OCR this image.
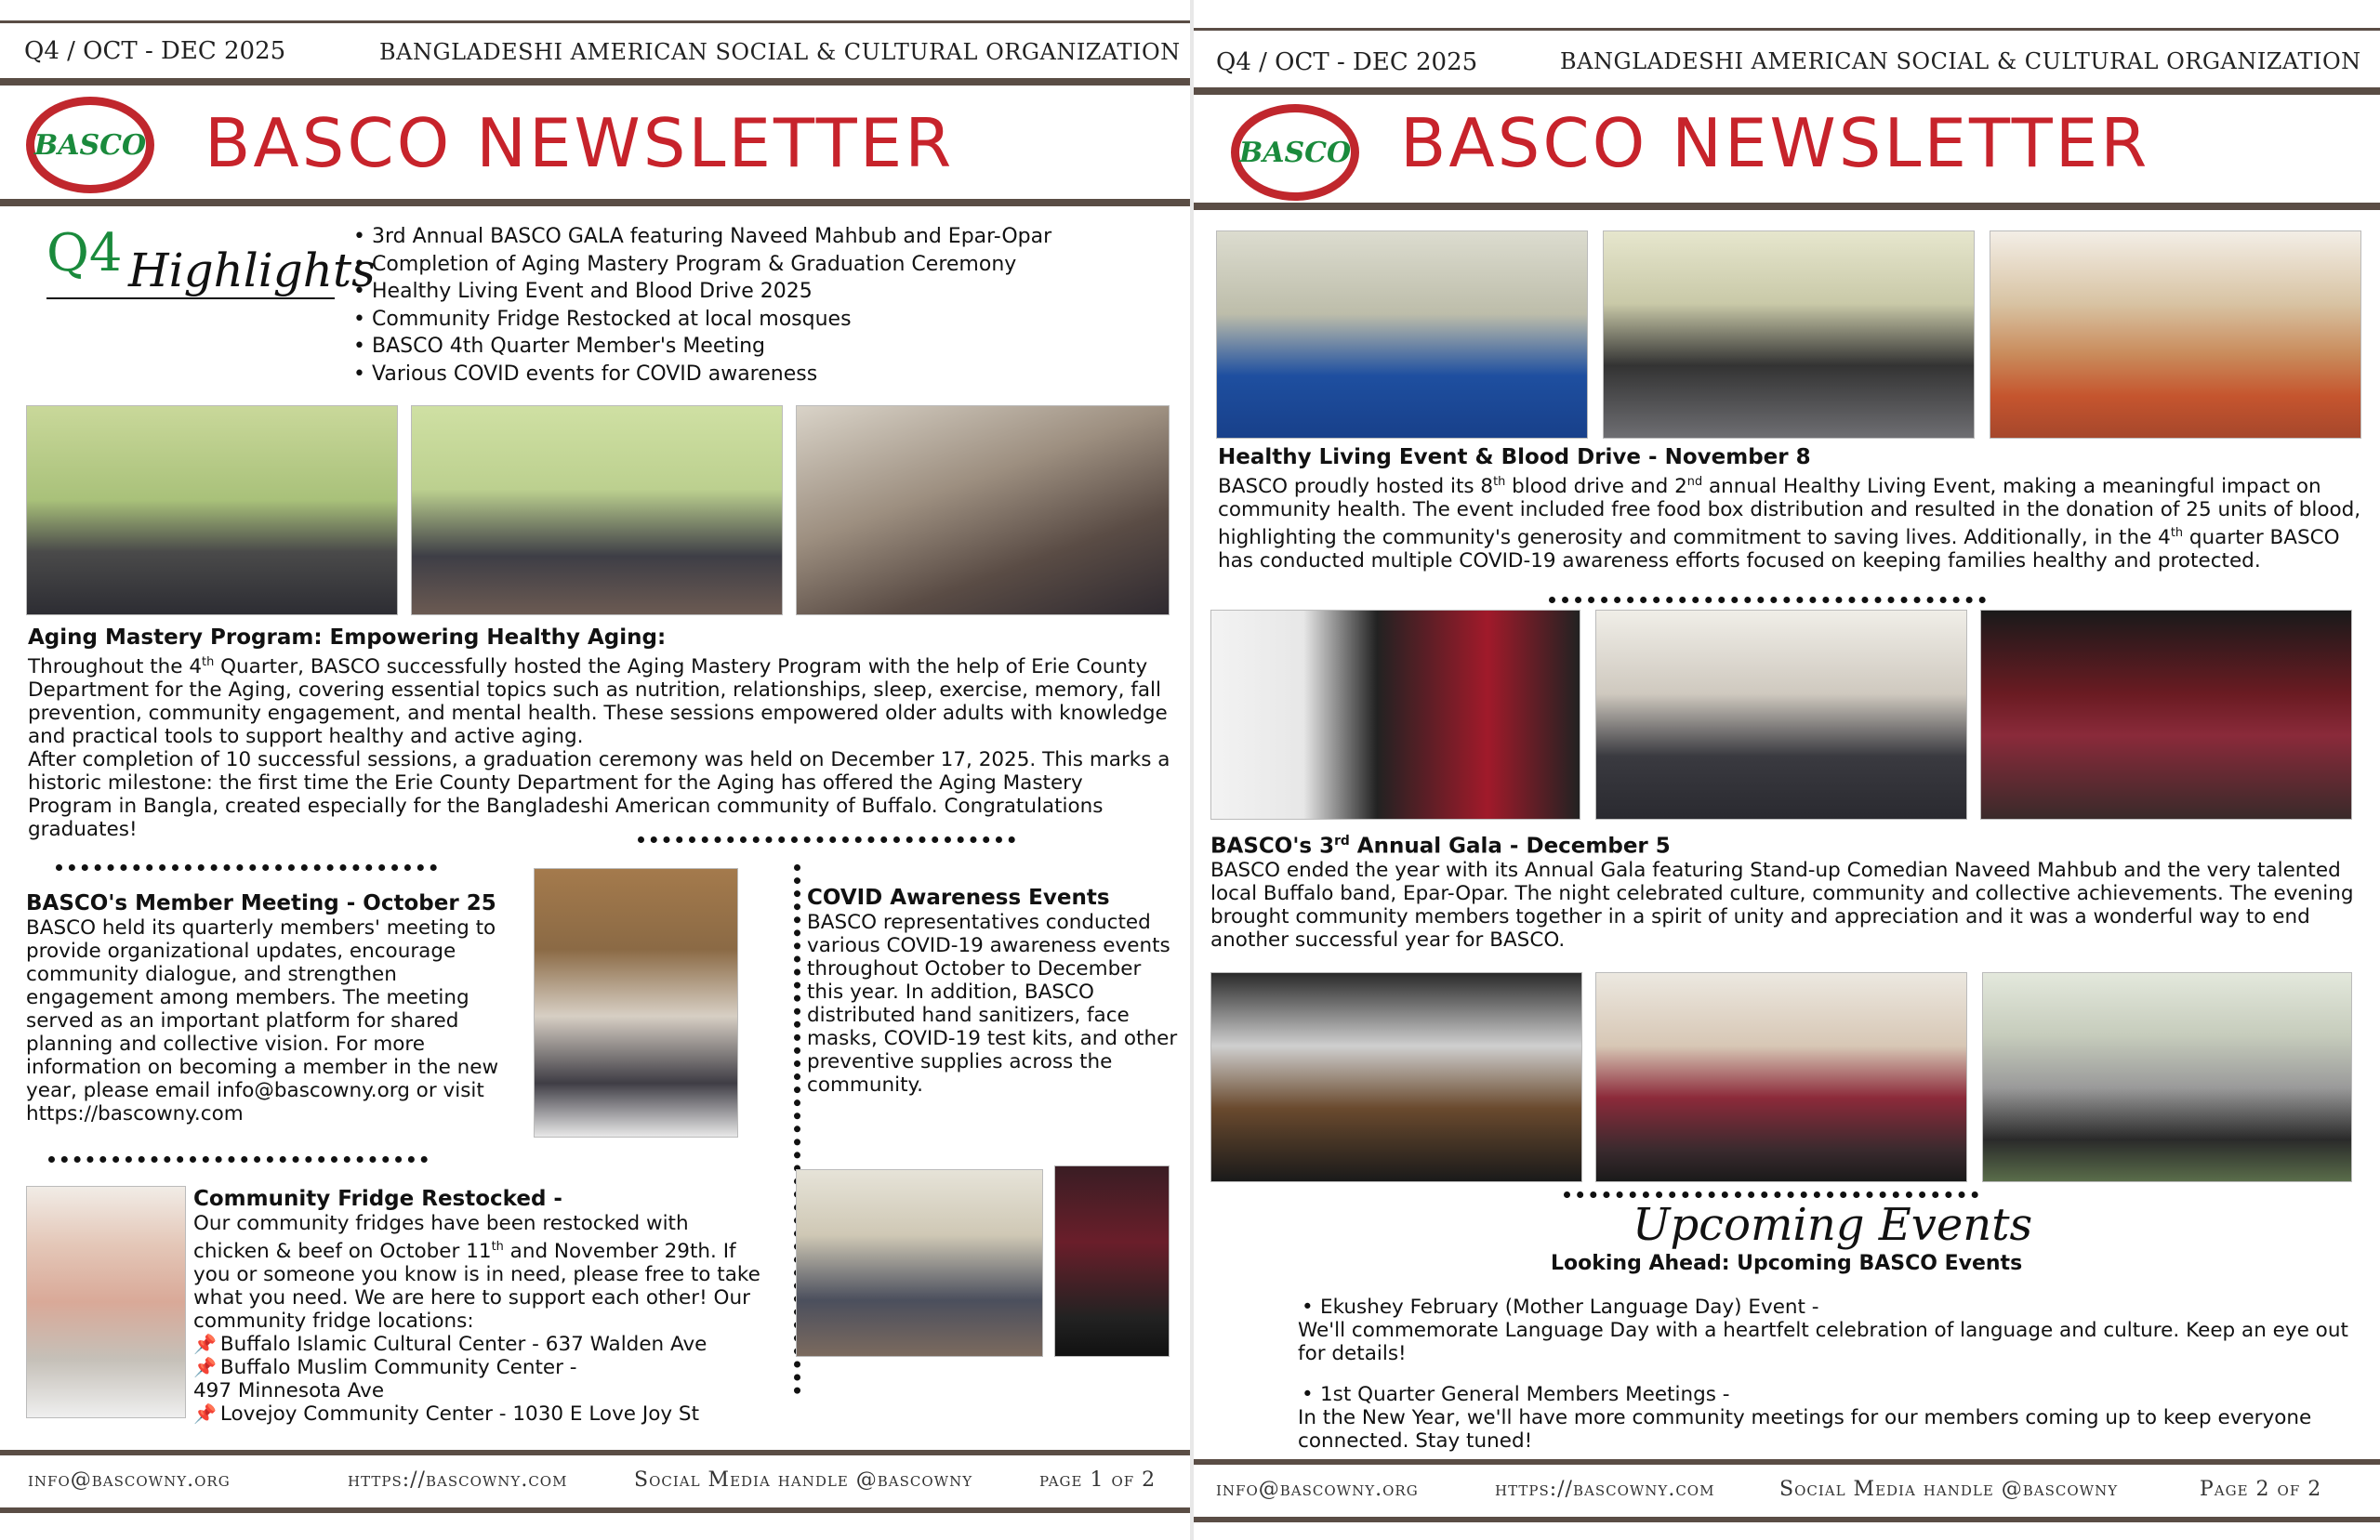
Q4 / OCT - DEC 2025	BANGLADESHI AMERICAN SOCIAL & CULTURAL ORGANIZATION
BASCO BASCO NEWSLETTER
Q4 Highlights
• 3rd Annual BASCO GALA featuring Naveed Mahbub and Epar-Opar
• Completion of Aging Mastery Program & Graduation Ceremony
• Healthy Living Event and Blood Drive 2025
• Community Fridge Restocked at local mosques
• BASCO 4th Quarter Member's Meeting
• Various COVID events for COVID awareness
Aging Mastery Program: Empowering Healthy Aging:

Throughout the 4th Quarter, BASCO successfully hosted the Aging Mastery Program with the help of Erie County Department for the Aging, covering essential topics such as nutrition, relationships, sleep, exercise, memory, fall prevention, community engagement, and mental health. These sessions empowered older adults with knowledge and practical tools to support healthy and active aging.

After completion of 10 successful sessions, a graduation ceremony was held on December 17, 2025. This marks a historic milestone: the first time the Erie County Department for the Aging has offered the Aging Mastery Program in Bangla, created especially for the Bangladeshi American community of Buffalo. Congratulations graduates!

BASCO's Member Meeting - October 25
BASCO held its quarterly members' meeting to provide organizational updates, encourage community dialogue, and strengthen engagement among members. The meeting served as an important platform for shared planning and collective vision. For more information on becoming a member in the new year, please email info@bascowny.org or visit https://bascowny.com
COVID Awareness Events
BASCO representatives conducted various COVID-19 awareness events throughout October to December this year. In addition, BASCO distributed hand sanitizers, face masks, COVID-19 test kits, and other preventive supplies across the community.
Community Fridge Restocked -

Our community fridges have been restocked with chicken & beef on October 11th and November 29th. If you or someone you know is in need, please free to take what you need. We are here to support each other! Our community fridge locations:

📌 Buffalo Islamic Cultural Center - 637 Walden Ave

📌 Buffalo Muslim Community Center -

497 Minnesota Ave

📌 Lovejoy Community Center - 1030 E Love Joy St

info@bascowny.org	https://bascowny.com	Social Media handle @bascowny	page 1 of 2
Q4 / OCT - DEC 2025	BANGLADESHI AMERICAN SOCIAL & CULTURAL ORGANIZATION
BASCO BASCO NEWSLETTER
Healthy Living Event & Blood Drive - November 8

BASCO proudly hosted its 8th blood drive and 2nd annual Healthy Living Event, making a meaningful impact on community health. The event included free food box distribution and resulted in the donation of 25 units of blood, highlighting the community's generosity and commitment to saving lives. Additionally, in the 4th quarter BASCO has conducted multiple COVID-19 awareness efforts focused on keeping families healthy and protected.

BASCO's 3rd Annual Gala - December 5
BASCO ended the year with its Annual Gala featuring Stand-up Comedian Naveed Mahbub and the very talented local Buffalo band, Epar-Opar. The night celebrated culture, community and collective achievements. The evening brought community members together in a spirit of unity and appreciation and it was a wonderful way to end another successful year for BASCO.
Upcoming Events
Looking Ahead: Upcoming BASCO Events

• Ekushey February (Mother Language Day) Event -

We'll commemorate Language Day with a heartfelt celebration of language and culture. Keep an eye out for details!

• 1st Quarter General Members Meetings -

In the New Year, we'll have more community meetings for our members coming up to keep everyone connected. Stay tuned!

info@bascowny.org	https://bascowny.com	Social Media handle @bascowny	Page 2 of 2
